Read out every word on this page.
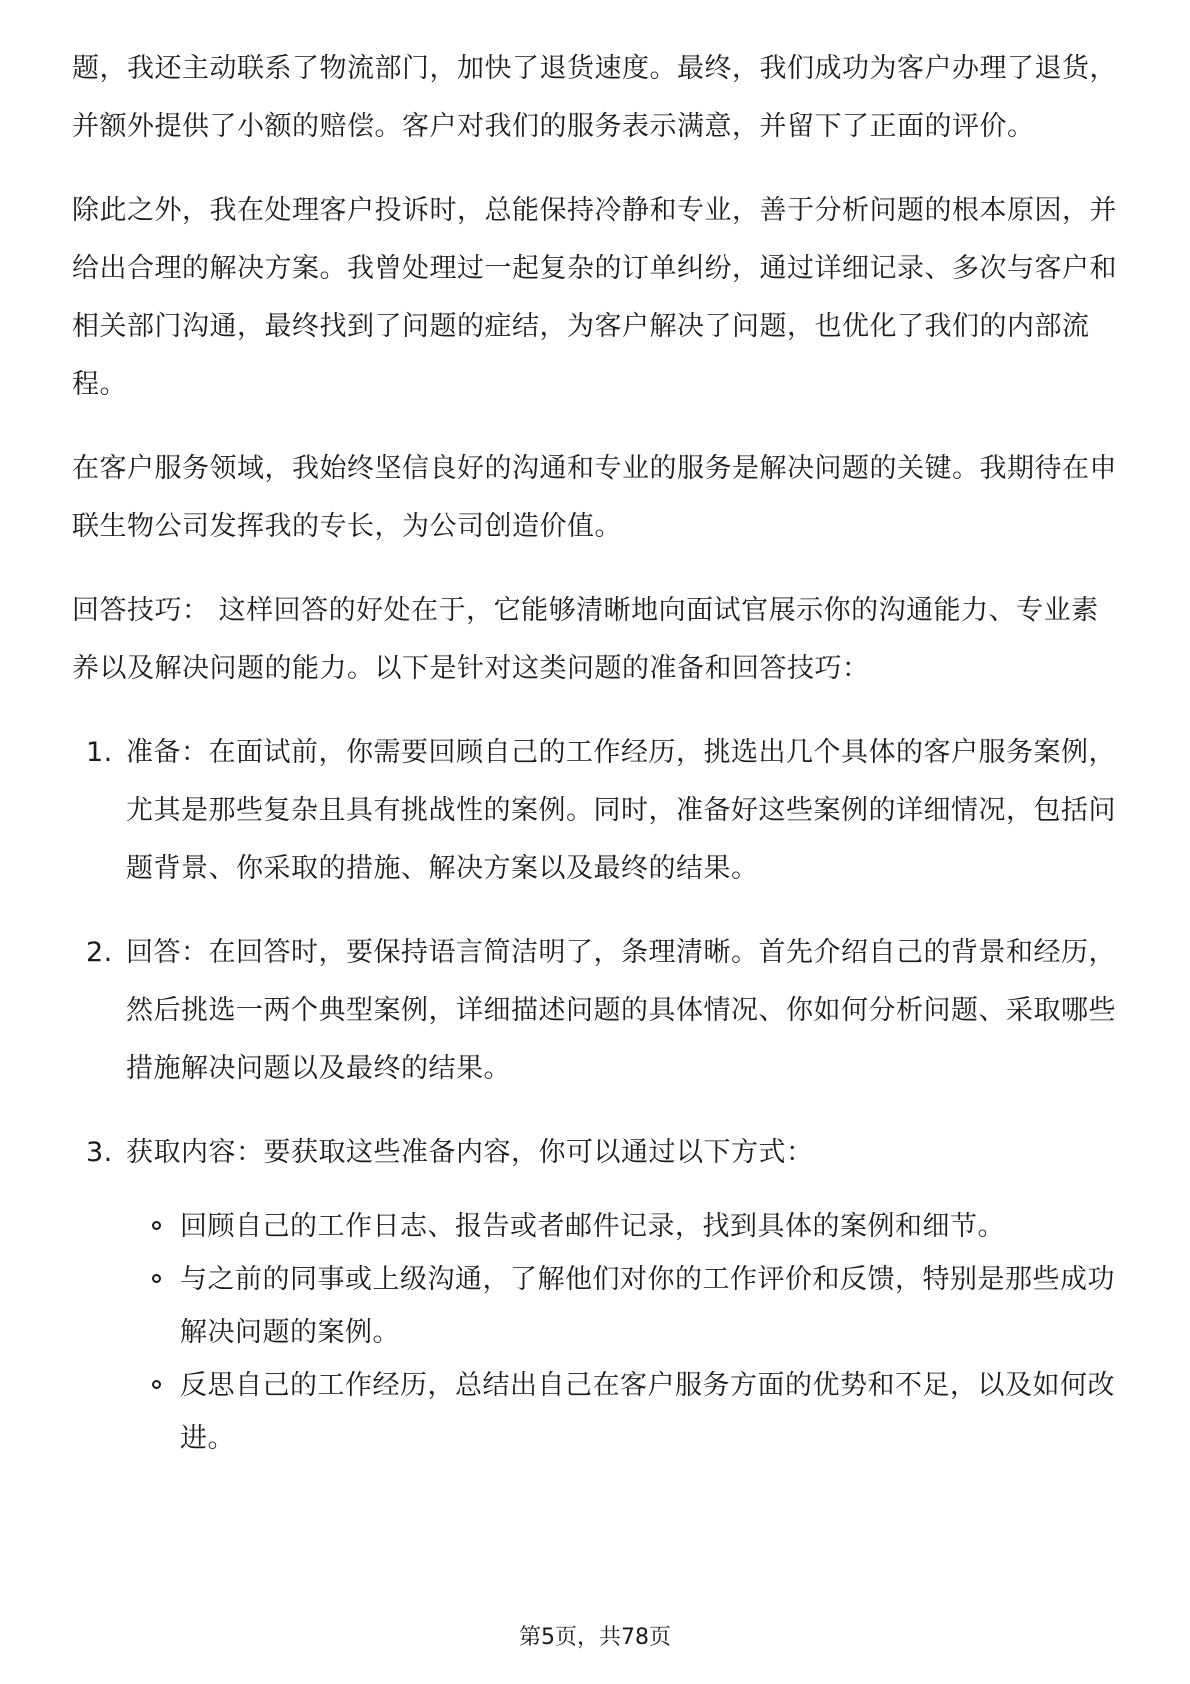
题，我还主动联系了物流部门，加快了退货速度。最终，我们成功为客户办理了退货，并额外提供了小额的赔偿。客户对我们的服务表示满意，并留下了正面的评价。

除此之外，我在处理客户投诉时，总能保持冷静和专业，善于分析问题的根本原因，并给出合理的解决方案。我曾处理过一起复杂的订单纠纷，通过详细记录、多次与客户和相关部门沟通，最终找到了问题的症结，为客户解决了问题，也优化了我们的内部流程。

在客户服务领域，我始终坚信良好的沟通和专业的服务是解决问题的关键。我期待在申联生物公司发挥我的专长，为公司创造价值。

回答技巧： 这样回答的好处在于，它能够清晰地向面试官展示你的沟通能力、专业素养以及解决问题的能力。以下是针对这类问题的准备和回答技巧：

1. 准备：在面试前，你需要回顾自己的工作经历，挑选出几个具体的客户服务案例，尤其是那些复杂且具有挑战性的案例。同时，准备好这些案例的详细情况，包括问题背景、你采取的措施、解决方案以及最终的结果。
2. 回答：在回答时，要保持语言简洁明了，条理清晰。首先介绍自己的背景和经历，然后挑选一两个典型案例，详细描述问题的具体情况、你如何分析问题、采取哪些措施解决问题以及最终的结果。
3. 获取内容：要获取这些准备内容，你可以通过以下方式：
回顾自己的工作日志、报告或者邮件记录，找到具体的案例和细节。
与之前的同事或上级沟通，了解他们对你的工作评价和反馈，特别是那些成功解决问题的案例。
反思自己的工作经历，总结出自己在客户服务方面的优势和不足，以及如何改进。
第5页，共78页
